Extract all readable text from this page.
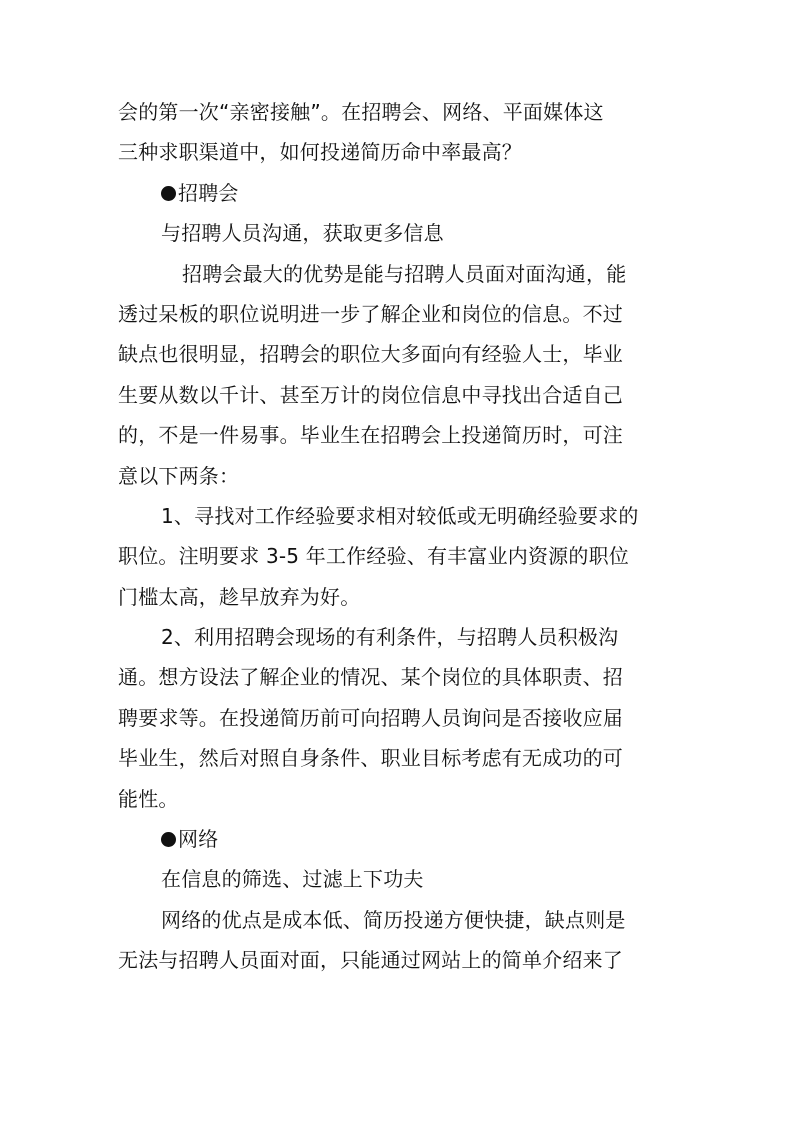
会的第一次“亲密接触”。在招聘会、网络、平面媒体这
三种求职渠道中，如何投递简历命中率最高？
招聘会
与招聘人员沟通，获取更多信息
招聘会最大的优势是能与招聘人员面对面沟通，能
透过呆板的职位说明进一步了解企业和岗位的信息。不过
缺点也很明显，招聘会的职位大多面向有经验人士，毕业
生要从数以千计、甚至万计的岗位信息中寻找出合适自己
的，不是一件易事。毕业生在招聘会上投递简历时，可注
意以下两条：
1、寻找对工作经验要求相对较低或无明确经验要求的
职位。注明要求 3-5 年工作经验、有丰富业内资源的职位
门槛太高，趁早放弃为好。
2、利用招聘会现场的有利条件，与招聘人员积极沟
通。想方设法了解企业的情况、某个岗位的具体职责、招
聘要求等。在投递简历前可向招聘人员询问是否接收应届
毕业生，然后对照自身条件、职业目标考虑有无成功的可
能性。
网络
在信息的筛选、过滤上下功夫
网络的优点是成本低、简历投递方便快捷，缺点则是
无法与招聘人员面对面，只能通过网站上的简单介绍来了
